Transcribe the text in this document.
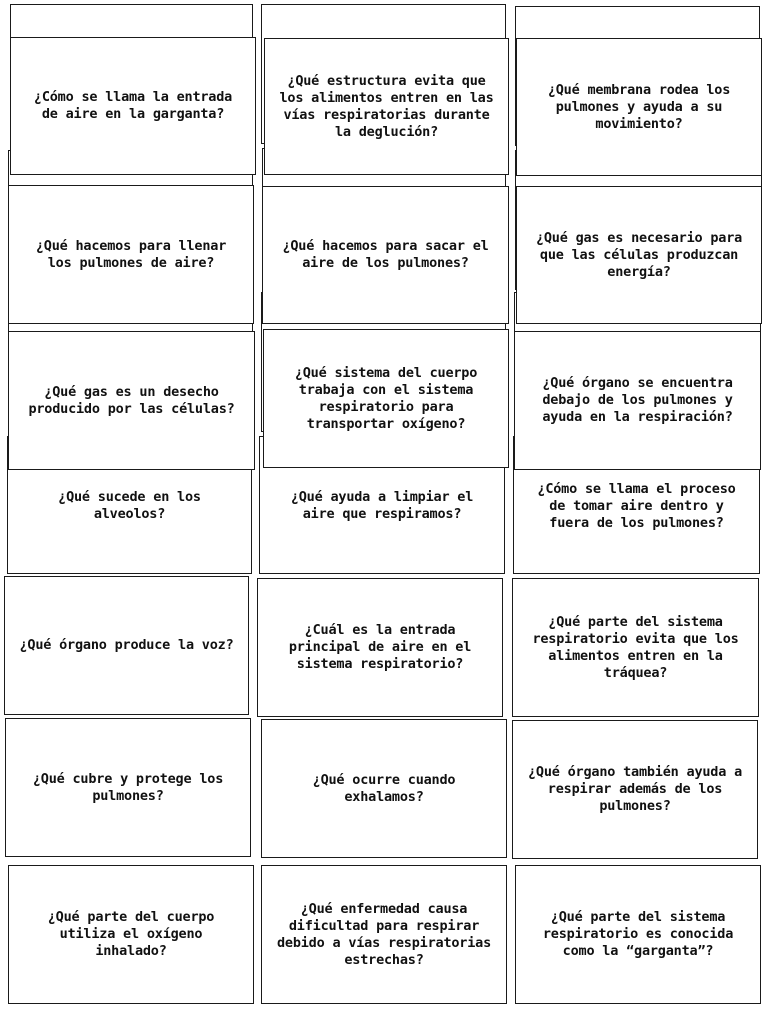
¿Cómo se llama la entrada de aire en la garganta?
¿Qué estructura evita que los alimentos entren en las vías respiratorias durante la deglución?
¿Qué membrana rodea los pulmones y ayuda a su movimiento?
¿Qué hacemos para llenar los pulmones de aire?
¿Qué hacemos para sacar el aire de los pulmones?
¿Qué gas es necesario para que las células produzcan energía?
¿Qué gas es un desecho producido por las células?
¿Qué sistema del cuerpo trabaja con el sistema respiratorio para transportar oxígeno?
¿Qué órgano se encuentra debajo de los pulmones y ayuda en la respiración?
¿Qué sucede en los alveolos?
¿Qué ayuda a limpiar el aire que respiramos?
¿Cómo se llama el proceso de tomar aire dentro y fuera de los pulmones?
¿Qué órgano produce la voz?
¿Cuál es la entrada principal de aire en el sistema respiratorio?
¿Qué parte del sistema respiratorio evita que los alimentos entren en la tráquea?
¿Qué cubre y protege los pulmones?
¿Qué ocurre cuando exhalamos?
¿Qué órgano también ayuda a respirar además de los pulmones?
¿Qué parte del cuerpo utiliza el oxígeno inhalado?
¿Qué enfermedad causa dificultad para respirar debido a vías respiratorias estrechas?
¿Qué parte del sistema respiratorio es conocida como la “garganta”?
